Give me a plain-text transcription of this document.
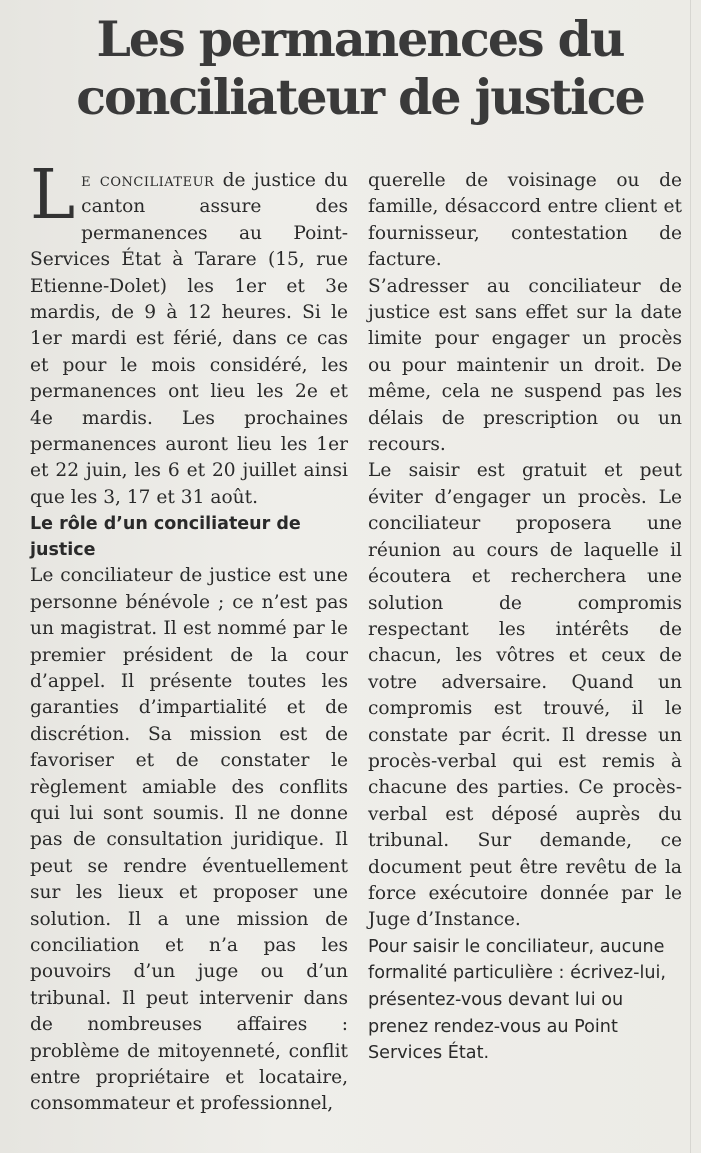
Les permanences du conciliateur de justice

Le conciliateur de justice du canton assure des permanences au Point-Services État à Tarare (15, rue Etienne-Dolet) les 1er et 3e mardis, de 9 à 12 heures. Si le 1er mardi est férié, dans ce cas et pour le mois considéré, les permanences ont lieu les 2e et 4e mardis. Les prochaines permanences auront lieu les 1er et 22 juin, les 6 et 20 juillet ainsi que les 3, 17 et 31 août.

Le rôle d’un conciliateur de justice

Le conciliateur de justice est une personne bénévole ; ce n’est pas un magistrat. Il est nommé par le premier président de la cour d’appel. Il présente toutes les garanties d’impartialité et de discrétion. Sa mission est de favoriser et de constater le règlement amiable des conflits qui lui sont soumis. Il ne donne pas de consultation juridique. Il peut se rendre éventuellement sur les lieux et proposer une solution. Il a une mission de conciliation et n’a pas les pouvoirs d’un juge ou d’un tribunal. Il peut intervenir dans de nombreuses affaires : problème de mitoyenneté, conflit entre propriétaire et locataire, consommateur et professionnel,

querelle de voisinage ou de famille, désaccord entre client et fournisseur, contestation de facture.

S’adresser au conciliateur de justice est sans effet sur la date limite pour engager un procès ou pour maintenir un droit. De même, cela ne suspend pas les délais de prescription ou un recours.

Le saisir est gratuit et peut éviter d’engager un procès. Le conciliateur proposera une réunion au cours de laquelle il écoutera et recherchera une solution de compromis respectant les intérêts de chacun, les vôtres et ceux de votre adversaire. Quand un compromis est trouvé, il le constate par écrit. Il dresse un procès-verbal qui est remis à chacune des parties. Ce procès-verbal est déposé auprès du tribunal. Sur demande, ce document peut être revêtu de la force exécutoire donnée par le Juge d’Instance.

Pour saisir le conciliateur, aucune formalité particulière : écrivez-lui, présentez-vous devant lui ou prenez rendez-vous au Point Services État.
